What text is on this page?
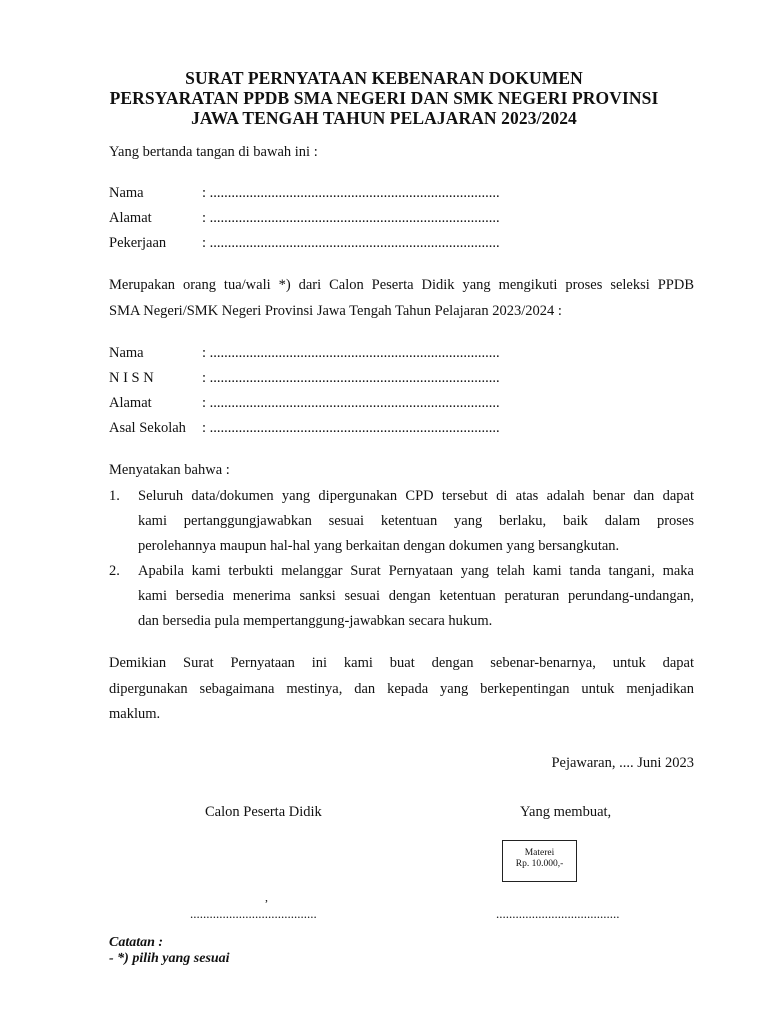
SURAT PERNYATAAN KEBENARAN DOKUMEN
PERSYARATAN PPDB SMA NEGERI DAN SMK NEGERI PROVINSI
JAWA TENGAH TAHUN PELAJARAN 2023/2024
Yang bertanda tangan di bawah ini :
Nama	: ................................................................................
Alamat	: ................................................................................
Pekerjaan : ................................................................................
Merupakan orang tua/wali *) dari Calon Peserta Didik yang mengikuti proses seleksi PPDB
SMA Negeri/SMK Negeri Provinsi Jawa Tengah Tahun Pelajaran 2023/2024 :
Nama	: ................................................................................
N I S N	: ................................................................................
Alamat	: ................................................................................
Asal Sekolah : ................................................................................
Menyatakan bahwa :
1. Seluruh data/dokumen yang dipergunakan CPD tersebut di atas adalah benar dan dapat
kami pertanggungjawabkan sesuai ketentuan yang berlaku, baik dalam proses
perolehannya maupun hal-hal yang berkaitan dengan dokumen yang bersangkutan.
2. Apabila kami terbukti melanggar Surat Pernyataan yang telah kami tanda tangani, maka
kami bersedia menerima sanksi sesuai dengan ketentuan peraturan perundang-undangan,
dan bersedia pula mempertanggung-jawabkan secara hukum.
Demikian Surat Pernyataan ini kami buat dengan sebenar-benarnya, untuk dapat
dipergunakan sebagaimana mestinya, dan kepada yang berkepentingan untuk menjadikan
maklum.
Pejawaran, .... Juni 2023
Calon Peserta Didik	Yang membuat,
Materei
Rp. 10.000,-
,
.......................................	......................................
Catatan :
- *) pilih yang sesuai
